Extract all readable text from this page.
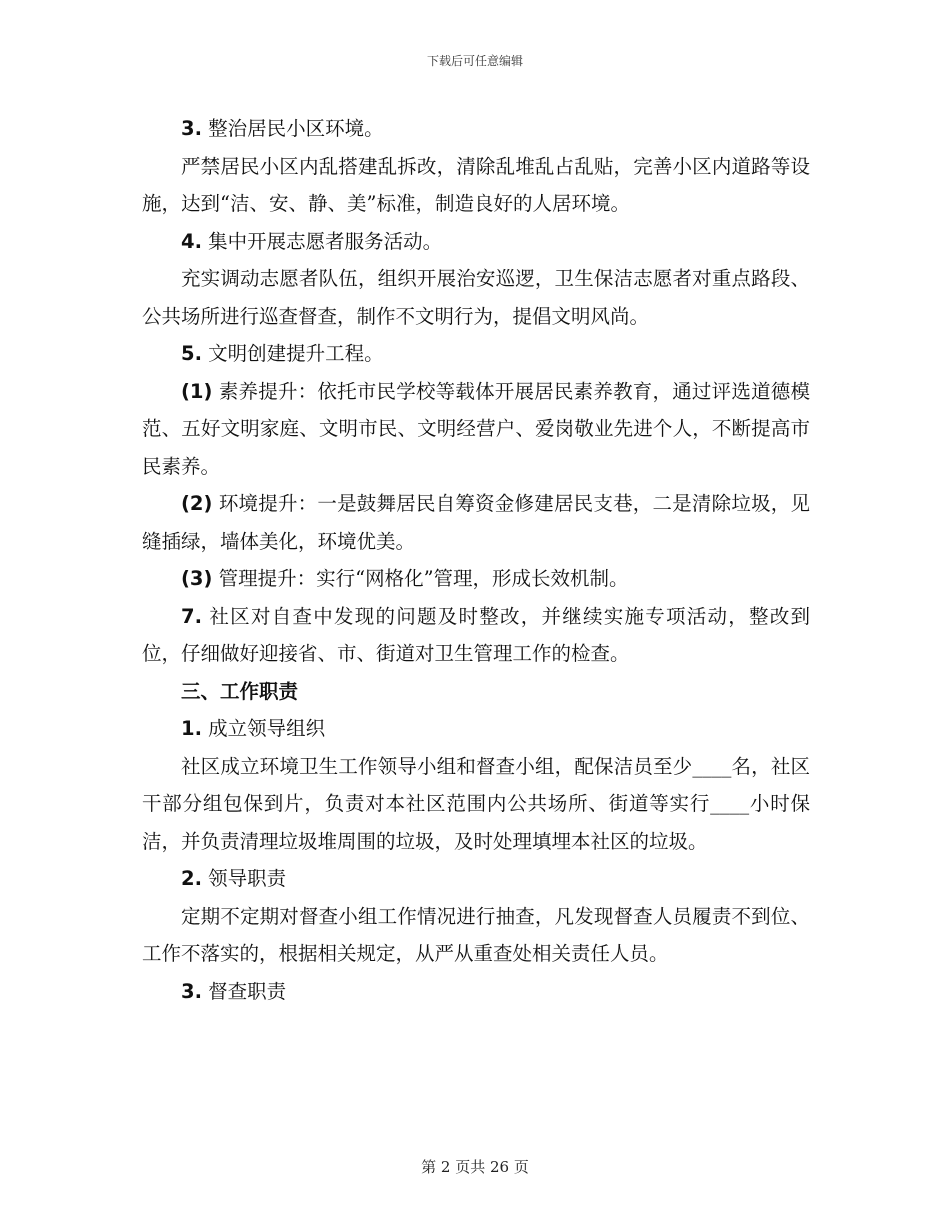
下载后可任意编辑

3. 整治居民小区环境。

严禁居民小区内乱搭建乱拆改，清除乱堆乱占乱贴，完善小区内道路等设施，达到“洁、安、静、美”标准，制造良好的人居环境。

4. 集中开展志愿者服务活动。

充实调动志愿者队伍，组织开展治安巡逻，卫生保洁志愿者对重点路段、公共场所进行巡查督查，制作不文明行为，提倡文明风尚。

5. 文明创建提升工程。

(1) 素养提升：依托市民学校等载体开展居民素养教育，通过评选道德模范、五好文明家庭、文明市民、文明经营户、爱岗敬业先进个人，不断提高市民素养。

(2) 环境提升：一是鼓舞居民自筹资金修建居民支巷，二是清除垃圾，见缝插绿，墙体美化，环境优美。

(3) 管理提升：实行“网格化”管理，形成长效机制。

7. 社区对自查中发现的问题及时整改，并继续实施专项活动，整改到位，仔细做好迎接省、市、街道对卫生管理工作的检查。

三、工作职责

1. 成立领导组织

社区成立环境卫生工作领导小组和督查小组，配保洁员至少____名，社区干部分组包保到片，负责对本社区范围内公共场所、街道等实行____小时保洁，并负责清理垃圾堆周围的垃圾，及时处理填埋本社区的垃圾。

2. 领导职责

定期不定期对督查小组工作情况进行抽查，凡发现督查人员履责不到位、工作不落实的，根据相关规定，从严从重查处相关责任人员。

3. 督查职责

第 2 页共 26 页
